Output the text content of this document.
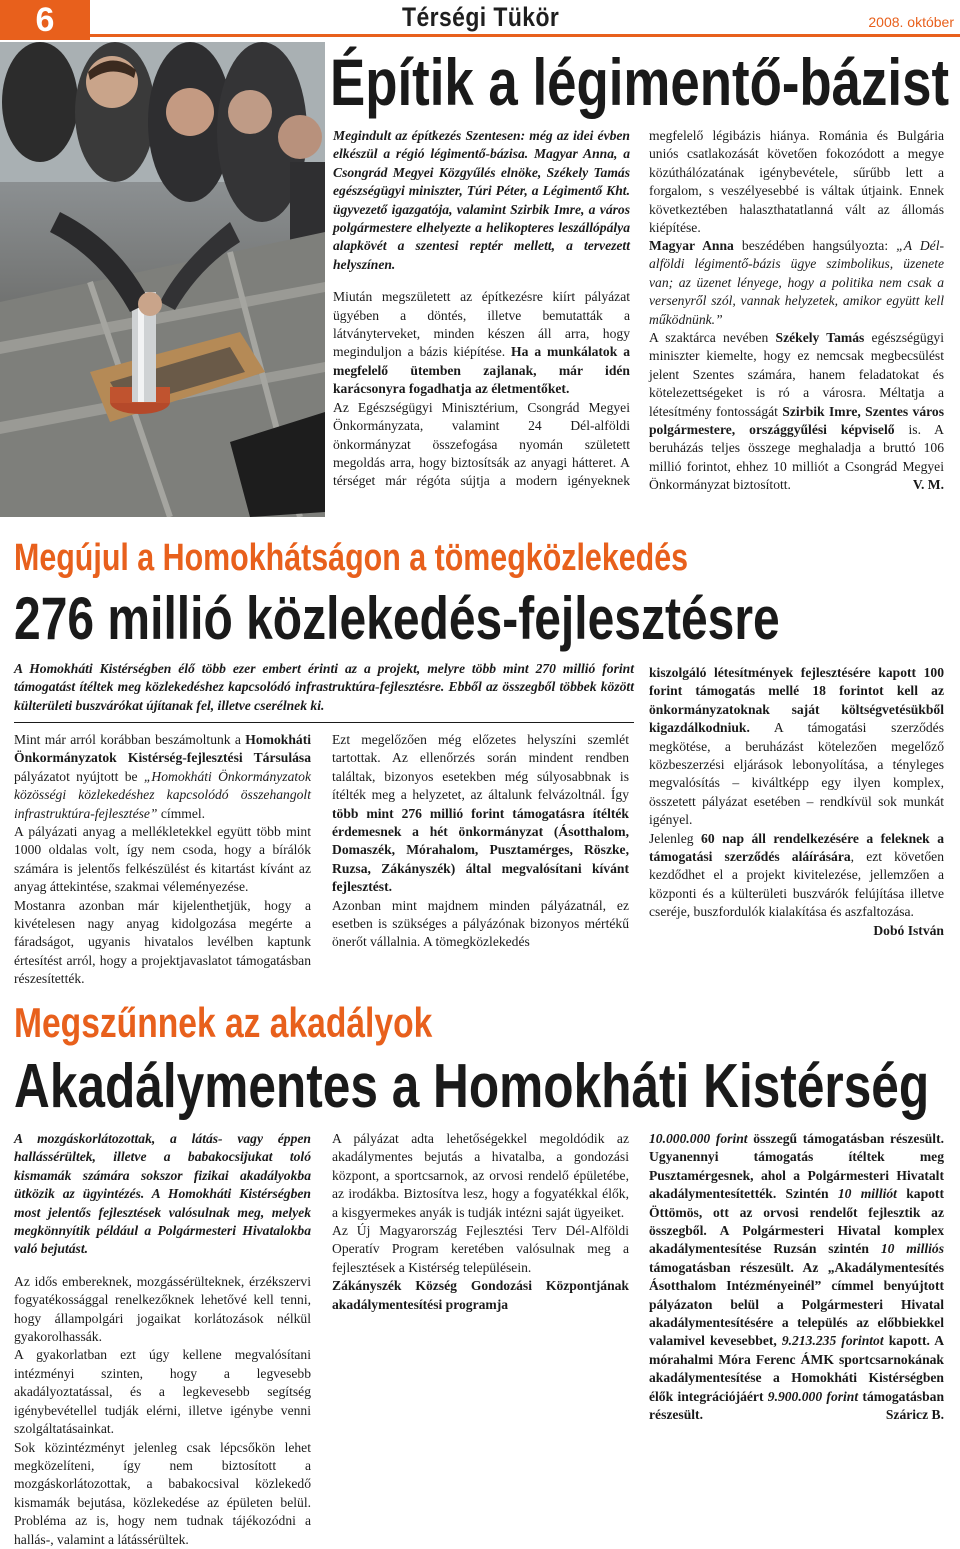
6	Térségi Tükör	2008. október
Építik a légimentő-bázist

Megindult az építkezés Szentesen: még az idei évben elkészül a régió légimentő-bázisa. Magyar Anna, a Csongrád Megyei Közgyűlés elnöke, Székely Tamás egészségügyi miniszter, Túri Péter, a Légimentő Kht. ügyvezető igazgatója, valamint Szirbik Imre, a város polgármestere elhelyezte a helikopteres leszállópálya alapkövét a szentesi reptér mellett, a tervezett helyszínen.

Miután megszületett az építkezésre kiírt pályázat ügyében a döntés, illetve bemutatták a látványterveket, minden készen áll arra, hogy meginduljon a bázis kiépítése. Ha a munkálatok a megfelelő ütemben zajlanak, már idén karácsonyra fogadhatja az életmentőket.

Az Egészségügyi Minisztérium, Csongrád Megyei Önkormányzata, valamint 24 Dél-alföldi önkormányzat összefogása nyomán született megoldás arra, hogy biztosítsák az anyagi hátteret. A térséget már régóta sújtja a modern igényeknek

megfelelő légibázis hiánya. Románia és Bulgária uniós csatlakozását követően fokozódott a megye közúthálózatának igénybevétele, sűrűbb lett a forgalom, s veszélyesebbé is váltak útjaink. Ennek következtében halaszthatatlanná vált az állomás kiépítése.

Magyar Anna beszédében hangsúlyozta: „A Dél-alföldi légimentő-bázis ügye szimbolikus, üzenete van; az üzenet lényege, hogy a politika nem csak a versenyről szól, vannak helyzetek, amikor együtt kell működnünk.”

A szaktárca nevében Székely Tamás egészségügyi miniszter kiemelte, hogy ez nemcsak megbecsülést jelent Szentes számára, hanem feladatokat és kötelezettségeket is ró a városra. Méltatja a létesítmény fontosságát Szirbik Imre, Szentes város polgármestere, országgyűlési képviselő is. A beruházás teljes összege meghaladja a bruttó 106 millió forintot, ehhez 10 milliót a Csongrád Megyei Önkormányzat biztosított.	V. M.

Megújul a Homokhátságon a tömegközlekedés
276 millió közlekedés-fejlesztésre

A Homokháti Kistérségben élő több ezer embert érinti az a projekt, melyre több mint 270 millió forint támogatást ítéltek meg közlekedéshez kapcsolódó infrastruktúra-fejlesztésre. Ebből az összegből többek között külterületi buszvárókat újítanak fel, illetve cserélnek ki.

Mint már arról korábban beszámoltunk a Homokháti Önkormányzatok Kistérség-fejlesztési Társulása pályázatot nyújtott be „Homokháti Önkormányzatok közösségi közlekedéshez kapcsolódó összehangolt infrastruktúra-fejlesztése” címmel.

A pályázati anyag a mellékletekkel együtt több mint 1000 oldalas volt, így nem csoda, hogy a bírálók számára is jelentős felkészülést és kitartást kívánt az anyag áttekintése, szakmai véleményezése.

Mostanra azonban már kijelenthetjük, hogy a kivételesen nagy anyag kidolgozása megérte a fáradságot, ugyanis hivatalos levélben kaptunk értesítést arról, hogy a projektjavaslatot támogatásban részesítették.

Ezt megelőzően még előzetes helyszíni szemlét tartottak. Az ellenőrzés során mindent rendben találtak, bizonyos esetekben még súlyosabbnak is ítélték meg a helyzetet, az általunk felvázoltnál. Így több mint 276 millió forint támogatásra ítélték érdemesnek a hét önkormányzat (Ásotthalom, Domaszék, Mórahalom, Pusztamérges, Röszke, Ruzsa, Zákányszék) által megvalósítani kívánt fejlesztést.

Azonban mint majdnem minden pályázatnál, ez esetben is szükséges a pályázónak bizonyos mértékű önerőt vállalnia. A tömegközlekedés

kiszolgáló létesítmények fejlesztésére kapott 100 forint támogatás mellé 18 forintot kell az önkormányzatoknak saját költségvetésükből kigazdálkodniuk. A támogatási szerződés megkötése, a beruházást kötelezően megelőző közbeszerzési eljárások lebonyolítása, a tényleges megvalósítás – kiváltképp egy ilyen komplex, összetett pályázat esetében – rendkívül sok munkát igényel.

Jelenleg 60 nap áll rendelkezésére a feleknek a támogatási szerződés aláírására, ezt követően kezdődhet el a projekt kivitelezése, jellemzően a központi és a külterületi buszvárók felújítása illetve cseréje, buszfordulók kialakítása és aszfaltozása.

Dobó István

Megszűnnek az akadályok
Akadálymentes a Homokháti Kistérség

A mozgáskorlátozottak, a látás- vagy éppen hallássérültek, illetve a babakocsijukat toló kismamák számára sokszor fizikai akadályokba ütközik az ügyintézés. A Homokháti Kistérségben most jelentős fejlesztések valósulnak meg, melyek megkönnyítik például a Polgármesteri Hivatalokba való bejutást.

Az idős embereknek, mozgássérülteknek, érzékszervi fogyatékossággal renelkezőknek lehetővé kell tenni, hogy állampolgári jogaikat korlátozások nélkül gyakorolhassák.

A gyakorlatban ezt úgy kellene megvalósítani intézményi szinten, hogy a legvesebb akadályoztatással, és a legkevesebb segítség igénybevétellel tudják elérni, illetve igénybe venni szolgáltatásainkat.

Sok közintézményt jelenleg csak lépcsőkön lehet megközelíteni, így nem biztosított a mozgáskorlátozottak, a babakocsival közlekedő kismamák bejutása, közlekedése az épületen belül. Probléma az is, hogy nem tudnak tájékozódni a hallás-, valamint a látássérültek.

A pályázat adta lehetőségekkel megoldódik az akadálymentes bejutás a hivatalba, a gondozási központ, a sportcsarnok, az orvosi rendelő épületébe, az irodákba. Biztosítva lesz, hogy a fogyatékkal élők, a kisgyermekes anyák is tudják intézni saját ügyeiket.

Az Új Magyarország Fejlesztési Terv Dél-Alföldi Operatív Program keretében valósulnak meg a fejlesztések a Kistérség településein.

Zákányszék Község Gondozási Központjának akadálymentesítési programja

10.000.000 forint összegű támogatásban részesült. Ugyanennyi támogatás ítéltek meg Pusztamérgesnek, ahol a Polgármesteri Hivatalt akadálymentesítették. Szintén 10 milliót kapott Öttömös, ott az orvosi rendelőt fejlesztik az összegből. A Polgármesteri Hivatal komplex akadálymentesítése Ruzsán szintén 10 milliós támogatásban részesült. Az „Akadálymentesítés Ásotthalom Intézményeinél” címmel benyújtott pályázaton belül a Polgármesteri Hivatal akadálymentesítésére a település az előbbiekkel valamivel kevesebbet, 9.213.235 forintot kapott. A mórahalmi Móra Ferenc ÁMK sportcsarnokának akadálymentesítése a Homokháti Kistérségben élők integrációjáért 9.900.000 forint támogatásban részesült.	Száricz B.
